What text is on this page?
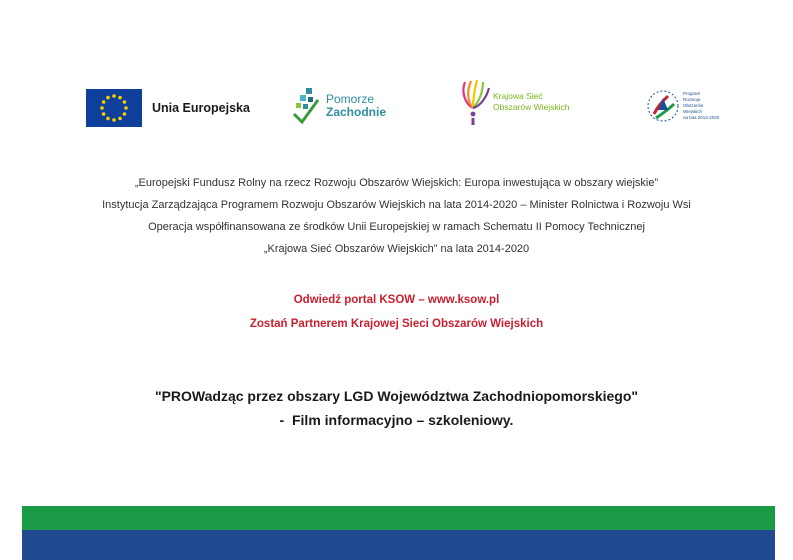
Unia Europejska
Pomorze
Zachodnie
Krajowa Sieć
Obszarów Wiejskich
Program
Rozwoju
Obszarów
Wiejskich
na lata 2014-2020
„Europejski Fundusz Rolny na rzecz Rozwoju Obszarów Wiejskich: Europa inwestująca w obszary wiejskie”
Instytucja Zarządzająca Programem Rozwoju Obszarów Wiejskich na lata 2014-2020 – Minister Rolnictwa i Rozwoju Wsi
Operacja współfinansowana ze środków Unii Europejskiej w ramach Schematu II Pomocy Technicznej
„Krajowa Sieć Obszarów Wiejskich” na lata 2014-2020
Odwiedź portal KSOW – www.ksow.pl
Zostań Partnerem Krajowej Sieci Obszarów Wiejskich
"PROWadząc przez obszary LGD Województwa Zachodniopomorskiego"
-  Film informacyjno – szkoleniowy.
